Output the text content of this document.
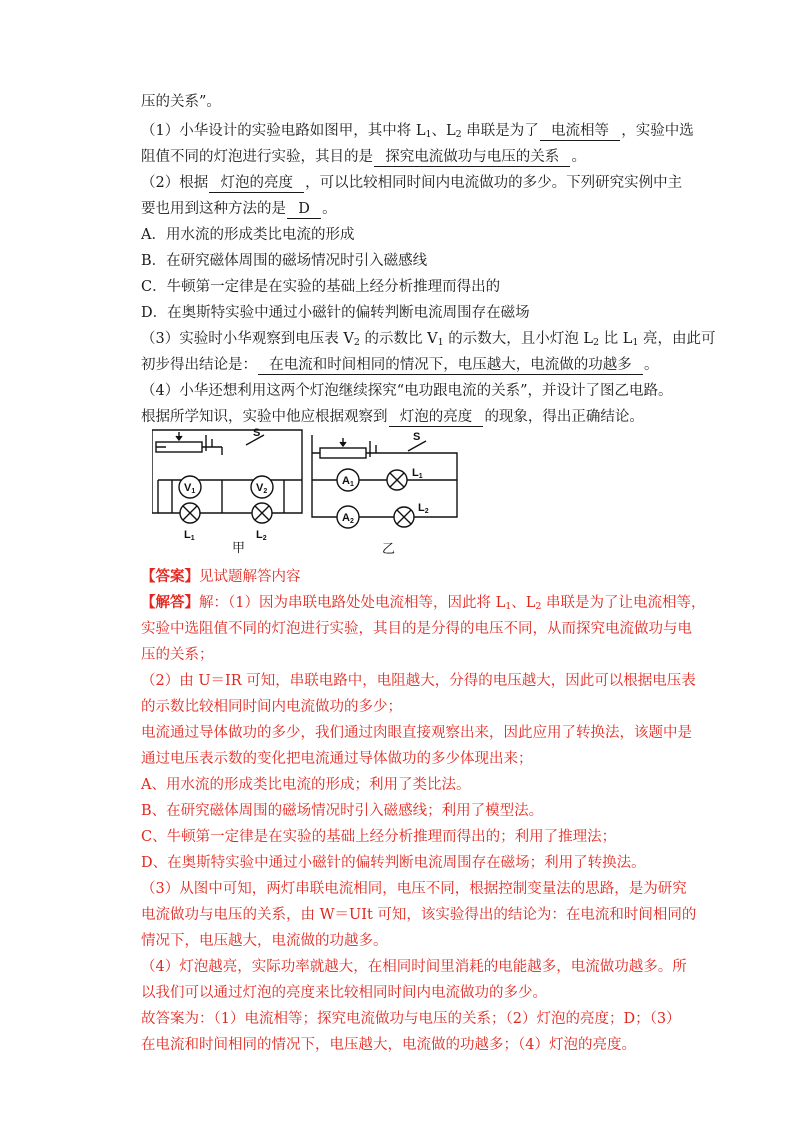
压的关系”。
（1）小华设计的实验电路如图甲，其中将 $L_1$、$L_2$ 串联是为了 电流相等 ，实验中选
阻值不同的灯泡进行实验，其目的是 探究电流做功与电压的关系 。
（2）根据 灯泡的亮度 ，可以比较相同时间内电流做功的多少。下列研究实例中主
要也用到这种方法的是 D 。
A．用水流的形成类比电流的形成
B．在研究磁体周围的磁场情况时引入磁感线
C．牛顿第一定律是在实验的基础上经分析推理而得出的
D．在奥斯特实验中通过小磁针的偏转判断电流周围存在磁场
（3）实验时小华观察到电压表 $V_2$ 的示数比 $V_1$ 的示数大，且小灯泡 $L_2$ 比 $L_1$ 亮，由此可
初步得出结论是： 在电流和时间相同的情况下，电压越大，电流做的功越多 。
（4）小华还想利用这两个灯泡继续探究“电功跟电流的关系”，并设计了图乙电路。
根据所学知识，实验中他应根据观察到 灯泡的亮度 的现象，得出正确结论。
S
V1	V2
L1	L2
甲
S
A1
A2
L1
L2
乙
【答案】见试题解答内容
【解答】解：（1）因为串联电路处处电流相等，因此将 $L_1$、$L_2$ 串联是为了让电流相等，
实验中选阻值不同的灯泡进行实验，其目的是分得的电压不同，从而探究电流做功与电
压的关系；
（2）由 U＝IR 可知，串联电路中，电阻越大，分得的电压越大，因此可以根据电压表
的示数比较相同时间内电流做功的多少；
电流通过导体做功的多少，我们通过肉眼直接观察出来，因此应用了转换法，该题中是
通过电压表示数的变化把电流通过导体做功的多少体现出来；
A、用水流的形成类比电流的形成；利用了类比法。
B、在研究磁体周围的磁场情况时引入磁感线；利用了模型法。
C、牛顿第一定律是在实验的基础上经分析推理而得出的；利用了推理法；
D、在奥斯特实验中通过小磁针的偏转判断电流周围存在磁场；利用了转换法。
（3）从图中可知，两灯串联电流相同，电压不同，根据控制变量法的思路，是为研究
电流做功与电压的关系，由 W＝UIt 可知，该实验得出的结论为：在电流和时间相同的
情况下，电压越大，电流做的功越多。
（4）灯泡越亮，实际功率就越大，在相同时间里消耗的电能越多，电流做功越多。所
以我们可以通过灯泡的亮度来比较相同时间内电流做功的多少。
故答案为：（1）电流相等；探究电流做功与电压的关系；（2）灯泡的亮度；D；（3）
在电流和时间相同的情况下，电压越大，电流做的功越多；（4）灯泡的亮度。
